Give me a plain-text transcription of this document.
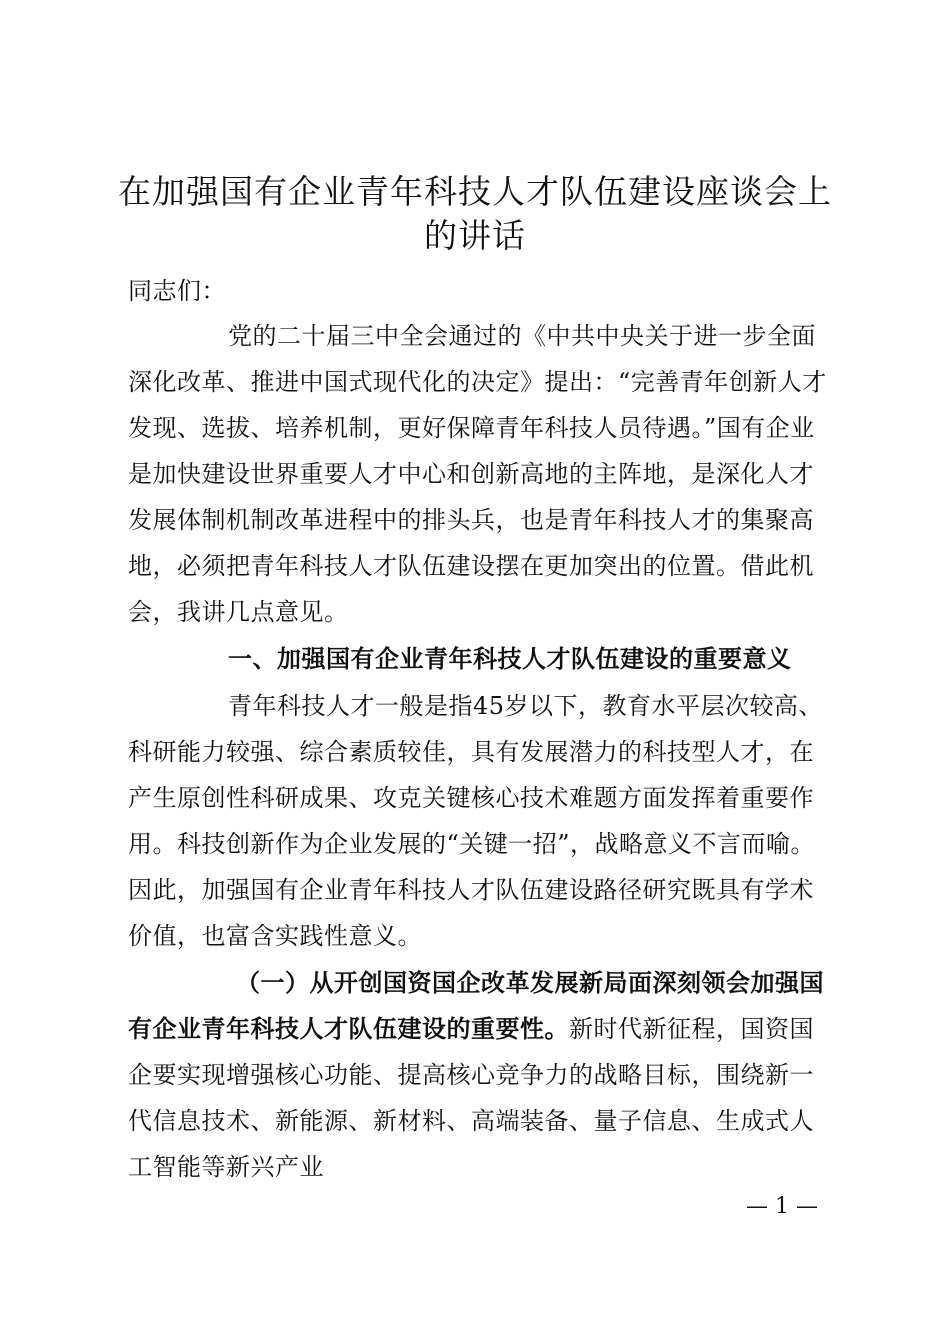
在加强国有企业青年科技人才队伍建设座谈会上的讲话
同志们：
党的二十届三中全会通过的《中共中央关于进一步全面深化改革、推进中国式现代化的决定》提出：“完善青年创新人才发现、选拔、培养机制，更好保障青年科技人员待遇。”国有企业是加快建设世界重要人才中心和创新高地的主阵地，是深化人才发展体制机制改革进程中的排头兵，也是青年科技人才的集聚高地，必须把青年科技人才队伍建设摆在更加突出的位置。借此机会，我讲几点意见。
一、加强国有企业青年科技人才队伍建设的重要意义
青年科技人才一般是指45岁以下，教育水平层次较高、科研能力较强、综合素质较佳，具有发展潜力的科技型人才，在产生原创性科研成果、攻克关键核心技术难题方面发挥着重要作用。科技创新作为企业发展的“关键一招”，战略意义不言而喻。因此，加强国有企业青年科技人才队伍建设路径研究既具有学术价值，也富含实践性意义。
（一）从开创国资国企改革发展新局面深刻领会加强国有企业青年科技人才队伍建设的重要性。新时代新征程，国资国企要实现增强核心功能、提高核心竞争力的战略目标，围绕新一代信息技术、新能源、新材料、高端装备、量子信息、生成式人工智能等新兴产业
— 1 —
